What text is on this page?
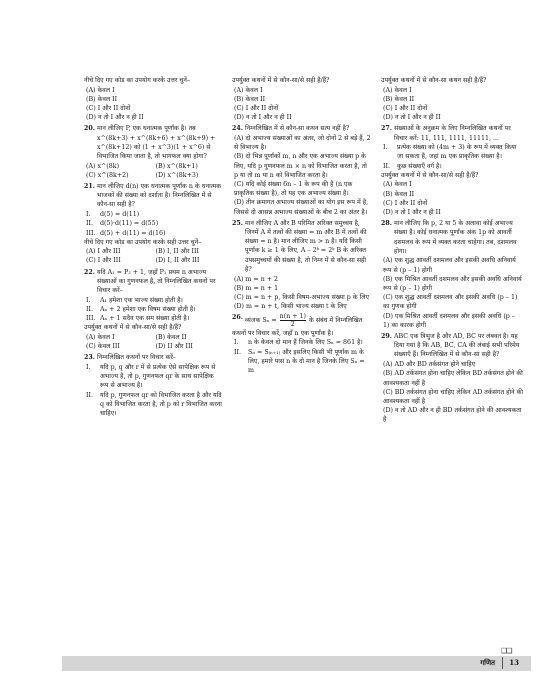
नीचे दिए गए कोड का उपयोग करके उत्तर चुनें–

(A) केवल I

(B) केवल II

(C) I और II दोनों

(D) न तो I और न ही II

20. मान लीजिए P, एक धनात्मक पूर्णांक है। तब x^(8k+3) + x^(8k+6) + x^(8k+9) + x^(8k+12) को (1 + x^3)(1 + x^6) से विभाजित किया जाता है, तो भागफल क्या होगा?
(A) x^(8k)	(B) x^(8k+1)
(C) x^(8k+2)	(D) x^(8k+3)
21. मान लीजिए d(n) एक धनात्मक पूर्णांक n के धनात्मक भाजकों की संख्या को दर्शाता है। निम्नलिखित में से कौन-सा सही है?

I. d(5) = d(11)

II. d(5)·d(11) = d(55)

III. d(5) + d(11) = d(16)

नीचे दिए गए कोड का उपयोग करके सही उत्तर चुनें–

(A) I और III	(B) I, II और III
(C) I और III	(D) I, II और III
22. यदि A₁ = P₂ + 1, जहाँ P₁ प्रथम n अभाज्य संख्याओं का गुणनफल है, तो निम्नलिखित कथनों पर विचार करें–

I. A₁ हमेशा एक भाज्य संख्या होती है।

II. Aₙ + 2 हमेशा एक विषम संख्या होती है।

III. Aₙ + 1 सदैव एक सम संख्या होती है।

उपर्युक्त कथनों में से कौन-सा/से सही है/हैं?

(A) केवल I	(B) केवल II
(C) केवल III	(D) II और III
23. निम्नलिखित कथनों पर विचार करें–

I. यदि p, q और r में से प्रत्येक ऐसे सापेक्षिक रूप से अभाज्य है, तो p, गुणनफल qr के साथ सापेक्षिक रूप से अभाज्य है।

II. यदि p, गुणनफल qr को विभाजित करता है और यदि q को विभाजित करता है, तो p को r विभाजित करना चाहिए।

उपर्युक्त कथनों में से कौन-सा/से सही है/हैं?

(A) केवल I

(B) केवल II

(C) I और II दोनों

(D) न तो I और न ही II

24. निम्नलिखित में से कौन-सा कथन सत्य नहीं है?

(A) दो अभाज्य संख्याओं का अंतर, जो दोनों 2 से बड़े हैं, 2 से विभाज्य है।

(B) दो भिन्न पूर्णांकों m, n और एक अभाज्य संख्या p के लिए, यदि p गुणनफल m × n को विभाजित करता है, तो p या तो m या n को विभाजित करता है।

(C) यदि कोई संख्या 6n – 1 के रूप की है (n एक प्राकृतिक संख्या है), तो यह एक अभाज्य संख्या है।

(D) तीन क्रमागत अभाज्य संख्याओं का योग इस रूप में है, जिससे दो आसन्न अभाज्य संख्याओं के बीच 2 का अंतर है।

25. मान लीजिए A और B परिमित अरिक्त समुच्चय है, जिनमें A में तत्वों की संख्या = m और B में तत्वों की संख्या = n है। मान लीजिए m > n है। यदि किसी पूर्णांक k ≥ 1 के लिए, A – 2ᵏ = 2ᵏ B के अरिक्त उपसमुच्चयों की संख्या है, तो निम्न में से कौन-सा सही है?

(A) m = n + 2

(B) m = n + 1

(C) m = n + p, किसी विषम-अभाज्य संख्या p के लिए

(D) m = n + t, किसी भाज्य संख्या t के लिए

26. व्यंजक $S_n = \frac{n(n + 1)}{2}$ के संबंध में निम्नलिखित

कथनों पर विचार करें, जहाँ n एक पूर्णांक है।

I. n के केवल दो मान हैं जिनके लिए Sₙ = 861 है।

II. Sₙ = S₍ₙ₊₁₎ और इसलिए किसी भी पूर्णांक m के लिए, हमारे पास n के दो मान है जिनके लिए Sₙ = m

उपर्युक्त कथनों में से कौन-सा कथन सही है/हैं?

(A) केवल I

(B) केवल II

(C) I और II दोनों

(D) न तो I और न ही II

27. संख्याओं के अनुक्रम के लिए निम्नलिखित कथनों पर विचार करें: 11, 111, 1111, 11111, ...

I. प्रत्येक संख्या को (4m + 3) के रूप में व्यक्त किया जा सकता है, जहां m एक प्राकृतिक संख्या है।

II. कुछ संख्याएँ वर्ग है।

उपर्युक्त कथनों में से कौन-सा/से सही है/हैं?

(A) केवल I

(B) केवल II

(C) I और II दोनों

(D) न तो I और न ही II

28. मान लीजिए कि p, 2 या 5 के अलावा कोई अभाज्य संख्या है। कोई धनात्मक पूर्णांक अंक 1p को आवर्ती दशमलव के रूप में व्यक्त करता चाहेगा। तब, दशमलव होगा।

(A) एक शुद्ध आवर्ती दशमलव और इसकी अवधि अनिवार्य रूप से (p – 1) होगी

(B) एक मिश्रित आवर्ती दशमलव और इसकी अवधि अनिवार्य रूप से (p – 1) होगी

(C) एक शुद्ध आवर्ती दशमलव और इसकी अवधि (p – 1) का गुणक होगी

(D) एक मिश्रित आवर्ती दशमलव और इसकी अवधि (p – 1) का कारक होगी

29. ABC एक त्रिभुज है और AD, BC पर लंबवत है। यह दिया गया है कि AB, BC, CA की लंबाई सभी परिमेय संख्याएँ हैं। निम्नलिखित में से कौन-सा सही है?

(A) AD और BD तर्कसंगत होने चाहिए

(B) AD तर्कसंगत होना चाहिए लेकिन BD तर्कसंगत होने की आवश्यकता नहीं है

(C) BD तर्कसंगत होना चाहिए लेकिन AD तर्कसंगत होने की आवश्यकता नहीं है

(D) न तो AD और न ही BD तर्कसंगत होने की आवश्यकता है

❑❑
गणित 13
